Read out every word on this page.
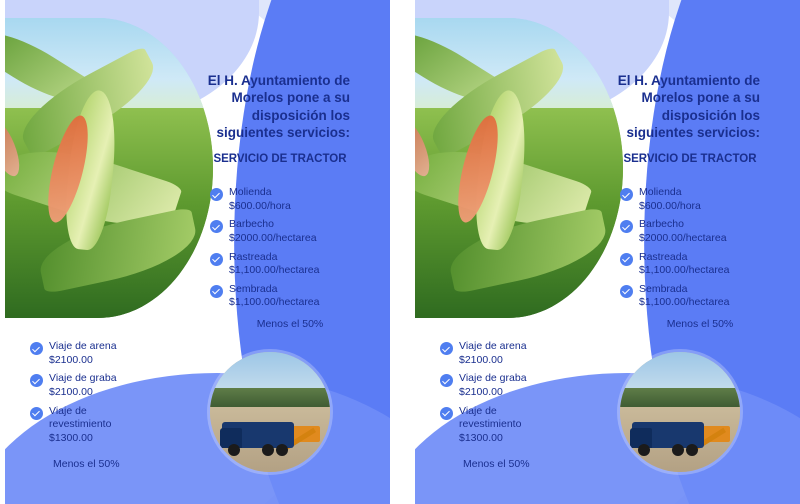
El H. Ayuntamiento de Morelos pone a su disposición los siguientes servicios:
SERVICIO DE TRACTOR
Molienda
$600.00/hora
Barbecho
$2000.00/hectarea
Rastreada
$1,100.00/hectarea
Sembrada
$1,100.00/hectarea
Menos el 50%
Viaje de arena
$2100.00
Viaje de graba
$2100.00
Viaje de revestimiento
$1300.00
Menos el 50%
El H. Ayuntamiento de Morelos pone a su disposición los siguientes servicios:
SERVICIO DE TRACTOR
Molienda
$600.00/hora
Barbecho
$2000.00/hectarea
Rastreada
$1,100.00/hectarea
Sembrada
$1,100.00/hectarea
Menos el 50%
Viaje de arena
$2100.00
Viaje de graba
$2100.00
Viaje de revestimiento
$1300.00
Menos el 50%
